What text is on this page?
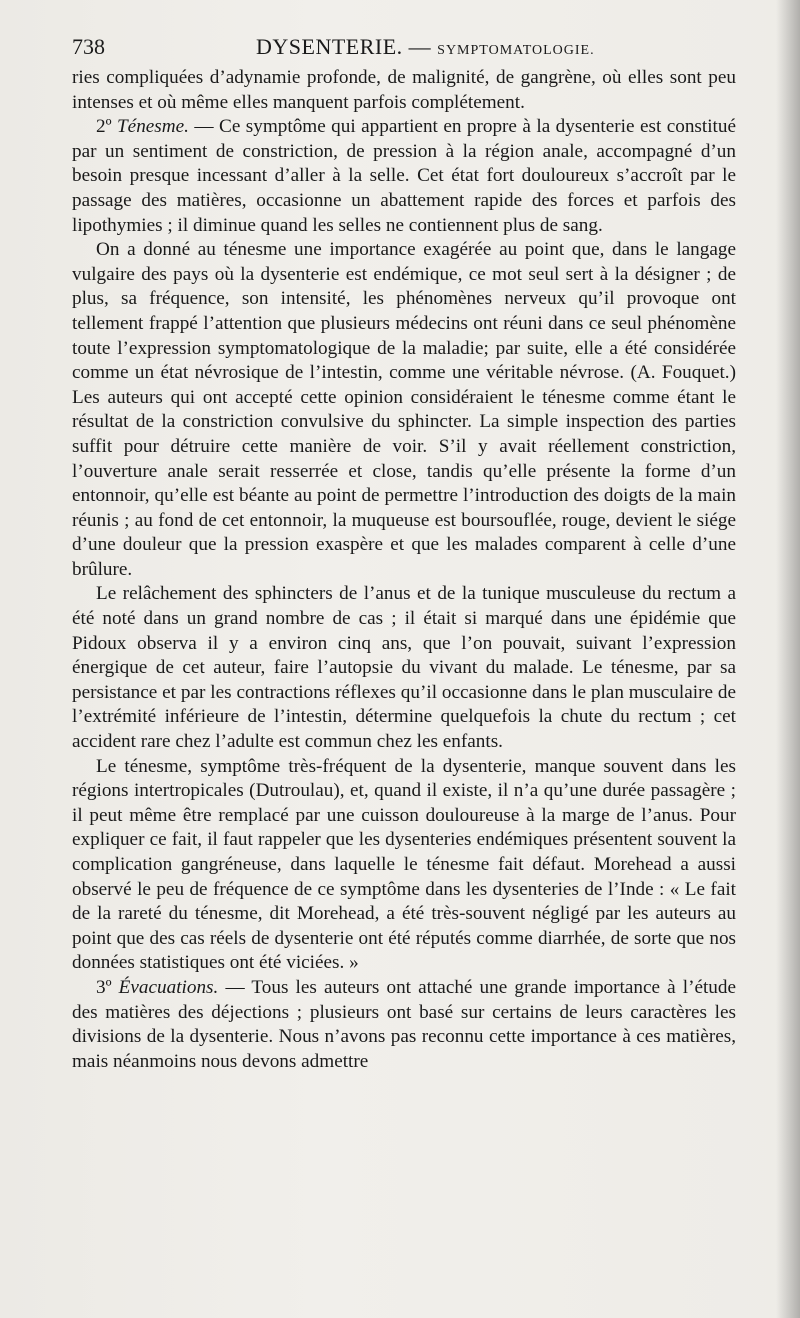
738	DYSENTERIE. — SYMPTOMATOLOGIE.

ries compliquées d’adynamie profonde, de malignité, de gangrène, où elles sont peu intenses et où même elles manquent parfois complétement.

2º Ténesme. — Ce symptôme qui appartient en propre à la dysenterie est constitué par un sentiment de constriction, de pression à la région anale, accompagné d’un besoin presque incessant d’aller à la selle. Cet état fort douloureux s’accroît par le passage des matières, occasionne un abattement rapide des forces et parfois des lipothymies ; il diminue quand les selles ne contiennent plus de sang.

On a donné au ténesme une importance exagérée au point que, dans le langage vulgaire des pays où la dysenterie est endémique, ce mot seul sert à la désigner ; de plus, sa fréquence, son intensité, les phénomènes nerveux qu’il provoque ont tellement frappé l’attention que plusieurs médecins ont réuni dans ce seul phénomène toute l’expression symptomatologique de la maladie; par suite, elle a été considérée comme un état névrosique de l’intestin, comme une véritable névrose. (A. Fouquet.) Les auteurs qui ont accepté cette opinion considéraient le ténesme comme étant le résultat de la constriction convulsive du sphincter. La simple inspection des parties suffit pour détruire cette manière de voir. S’il y avait réellement constriction, l’ouverture anale serait resserrée et close, tandis qu’elle présente la forme d’un entonnoir, qu’elle est béante au point de permettre l’introduction des doigts de la main réunis ; au fond de cet entonnoir, la muqueuse est boursouflée, rouge, devient le siége d’une douleur que la pression exaspère et que les malades comparent à celle d’une brûlure.

Le relâchement des sphincters de l’anus et de la tunique musculeuse du rectum a été noté dans un grand nombre de cas ; il était si marqué dans une épidémie que Pidoux observa il y a environ cinq ans, que l’on pouvait, suivant l’expression énergique de cet auteur, faire l’autopsie du vivant du malade. Le ténesme, par sa persistance et par les contractions réflexes qu’il occasionne dans le plan musculaire de l’extrémité inférieure de l’intestin, détermine quelquefois la chute du rectum ; cet accident rare chez l’adulte est commun chez les enfants.

Le ténesme, symptôme très-fréquent de la dysenterie, manque souvent dans les régions intertropicales (Dutroulau), et, quand il existe, il n’a qu’une durée passagère ; il peut même être remplacé par une cuisson douloureuse à la marge de l’anus. Pour expliquer ce fait, il faut rappeler que les dysenteries endémiques présentent souvent la complication gangréneuse, dans laquelle le ténesme fait défaut. Morehead a aussi observé le peu de fréquence de ce symptôme dans les dysenteries de l’Inde : « Le fait de la rareté du ténesme, dit Morehead, a été très-souvent négligé par les auteurs au point que des cas réels de dysenterie ont été réputés comme diarrhée, de sorte que nos données statistiques ont été viciées. »

3º Évacuations. — Tous les auteurs ont attaché une grande importance à l’étude des matières des déjections ; plusieurs ont basé sur certains de leurs caractères les divisions de la dysenterie. Nous n’avons pas reconnu cette importance à ces matières, mais néanmoins nous devons admettre
